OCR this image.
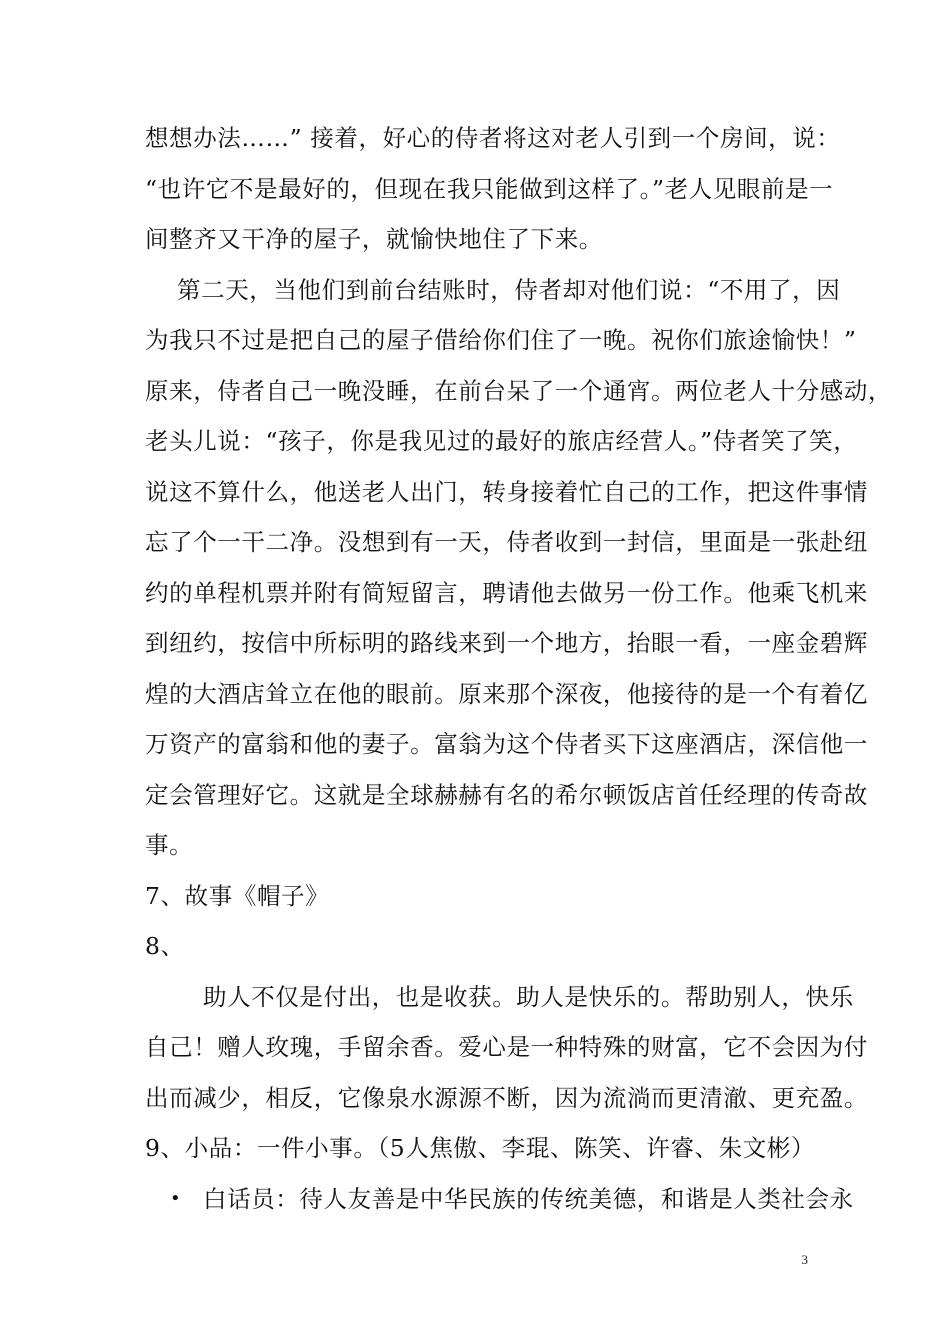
想想办法……” 接着，好心的侍者将这对老人引到一个房间，说：
“也许它不是最好的，但现在我只能做到这样了。”老人见眼前是一
间整齐又干净的屋子，就愉快地住了下来。
第二天，当他们到前台结账时，侍者却对他们说：“不用了，因
为我只不过是把自己的屋子借给你们住了一晚。祝你们旅途愉快！”
原来，侍者自己一晚没睡，在前台呆了一个通宵。两位老人十分感动，
老头儿说：“孩子，你是我见过的最好的旅店经营人。”侍者笑了笑，
说这不算什么，他送老人出门，转身接着忙自己的工作，把这件事情
忘了个一干二净。没想到有一天，侍者收到一封信，里面是一张赴纽
约的单程机票并附有简短留言，聘请他去做另一份工作。他乘飞机来
到纽约，按信中所标明的路线来到一个地方，抬眼一看，一座金碧辉
煌的大酒店耸立在他的眼前。原来那个深夜，他接待的是一个有着亿
万资产的富翁和他的妻子。富翁为这个侍者买下这座酒店，深信他一
定会管理好它。这就是全球赫赫有名的希尔顿饭店首任经理的传奇故
事。
7、故事《帽子》
8、
助人不仅是付出，也是收获。助人是快乐的。帮助别人，快乐
自己！赠人玫瑰，手留余香。爱心是一种特殊的财富，它不会因为付
出而减少，相反，它像泉水源源不断，因为流淌而更清澈、更充盈。
9、小品：一件小事。（5人焦傲、李琨、陈笑、许睿、朱文彬）
• 白话员：待人友善是中华民族的传统美德，和谐是人类社会永
3
